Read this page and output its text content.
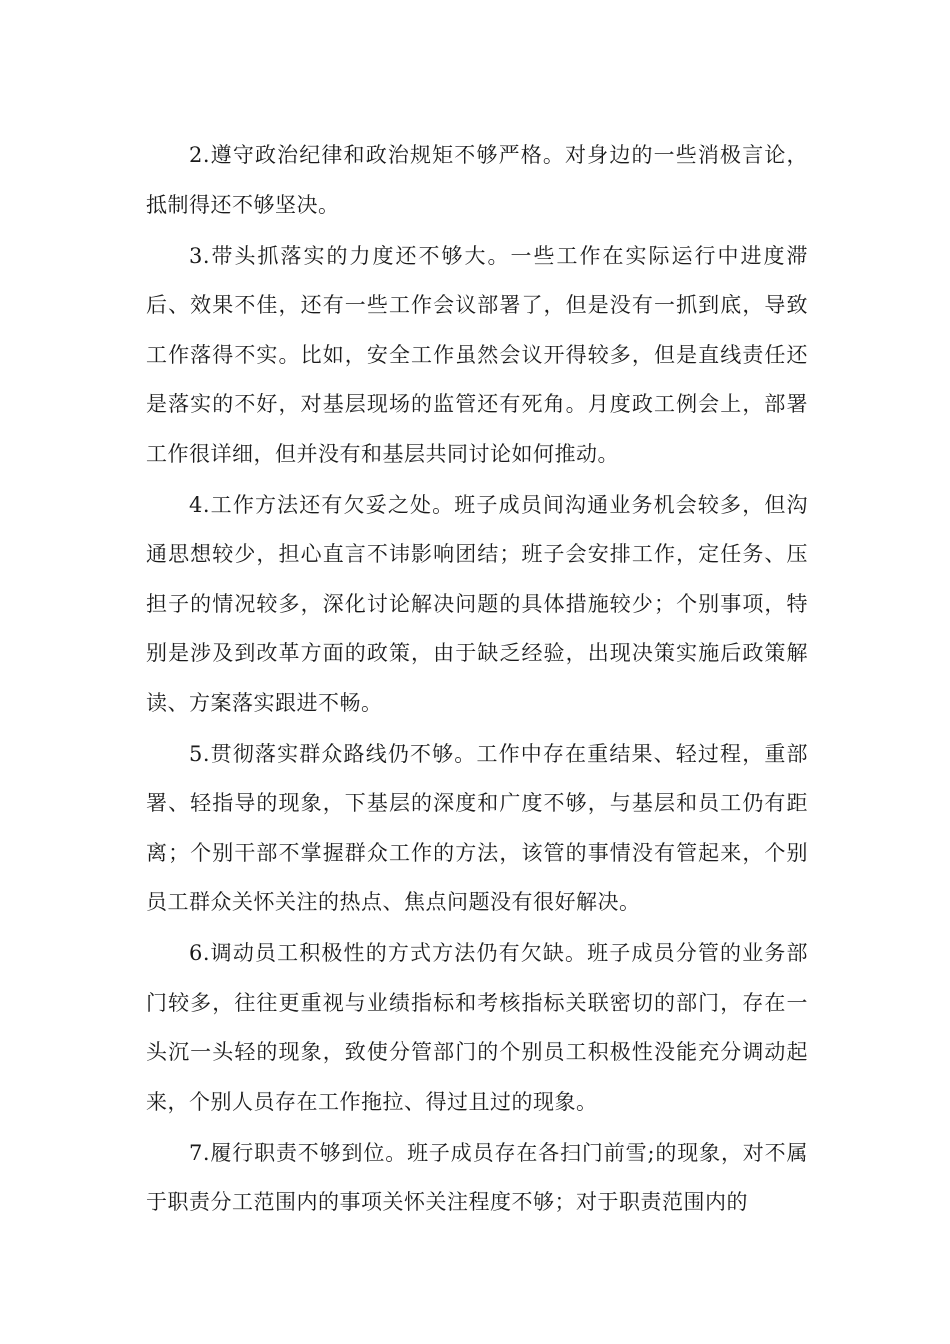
2.遵守政治纪律和政治规矩不够严格。对身边的一些消极言论，抵制得还不够坚决。

3.带头抓落实的力度还不够大。一些工作在实际运行中进度滞后、效果不佳，还有一些工作会议部署了，但是没有一抓到底，导致工作落得不实。比如，安全工作虽然会议开得较多，但是直线责任还是落实的不好，对基层现场的监管还有死角。月度政工例会上，部署工作很详细，但并没有和基层共同讨论如何推动。

4.工作方法还有欠妥之处。班子成员间沟通业务机会较多，但沟通思想较少，担心直言不讳影响团结；班子会安排工作，定任务、压担子的情况较多，深化讨论解决问题的具体措施较少；个别事项，特别是涉及到改革方面的政策，由于缺乏经验，出现决策实施后政策解读、方案落实跟进不畅。

5.贯彻落实群众路线仍不够。工作中存在重结果、轻过程，重部署、轻指导的现象，下基层的深度和广度不够，与基层和员工仍有距离；个别干部不掌握群众工作的方法，该管的事情没有管起来，个别员工群众关怀关注的热点、焦点问题没有很好解决。

6.调动员工积极性的方式方法仍有欠缺。班子成员分管的业务部门较多，往往更重视与业绩指标和考核指标关联密切的部门，存在一头沉一头轻的现象，致使分管部门的个别员工积极性没能充分调动起来，个别人员存在工作拖拉、得过且过的现象。

7.履行职责不够到位。班子成员存在各扫门前雪;的现象，对不属于职责分工范围内的事项关怀关注程度不够；对于职责范围内的
